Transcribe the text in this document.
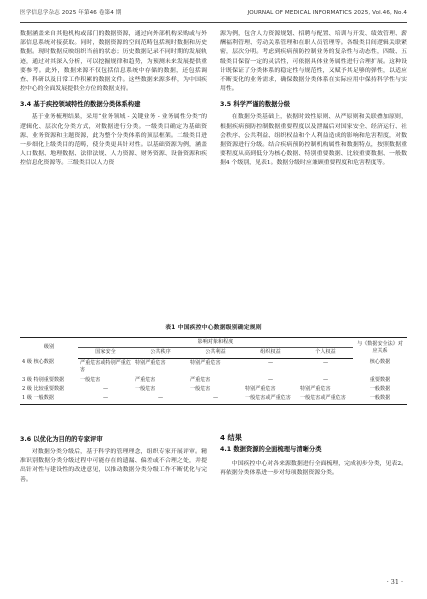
医学信息学杂志 2025 年第46 卷第4 期	JOURNAL OF MEDICAL INFORMATICS 2025, Vol.46, No.4

数据涵盖来自其他机构或部门的数据资源，通过向外部机构采购或与外部信息系统对接获取。同时，数据资源的空间范畴包括现时数据和历史数据。现时数据反映组织当前的状态；历史数据记录不同时期的发展轨迹，通过对其深入分析，可以挖掘规律和趋势，为预测未来发展提供重要参考。此外，数据来源不仅包括信息系统中存储的数据，还包括调查、科研以及日常工作积累的数据文件。这些数据来源多样，为中国疾控中心的全面发展提供全方位的数据支持。

3.4 基于疾控领域特性的数据分类体系构建

基于业务梳理结果，采用“业务领域 - 关键业务 - 业务属性分类”的逻辑化、层次化分类方式，对数据进行分类。一级类目确定为基础资源、业务资源和主题资源，此为整个分类体系的顶层框架。二级类目进一步细化上级类目的范畴，使分类更具针对性。以基础资源为例，涵盖人口数据、地理数据、法律法规、人力资源、财务资源、设备资源和疾控信息化资源等。三级类目以人力资

源为例，包含人力资源规划、招聘与配置、培训与开发、绩效管理、薪酬福利管理、劳动关系管理和在职人员管理等。各级类目间逻辑关联紧密，层次分明。考虑到疾病预防控制业务的复杂性与动态性，四级、五级类目保留一定的灵活性，可依据具体业务属性进行合理扩展。这种设计既保证了分类体系的稳定性与规范性，又赋予其足够的弹性，以适应不断变化的业务需求，确保数据分类体系在实际应用中保持科学性与实用性。

3.5 科学严谨的数据分级

在数据分类基础上，依据时效性原则、从严原则和关联叠加原则，根据疾病预防控制数据重要程度以及泄漏后对国家安全、经济运行、社会秩序、公共利益、组织权益和个人利益造成的影响和危害程度，对数据资源进行分级。结合疾病预防控制机构属性和数据特点，按照数据重要程度从高到低分为核心数据、特别重要数据、比较重要数据、一般数据4 个级别，见表1。数据分级时应兼顾重要程度和危害程度等。

表1 中国疾控中心数据级别确定规则
级别	影响对象和程度					与《数据安全法》对应关系
	国家安全	公共秩序	公共利益	组织权益	个人权益	
4 级 核心数据	严重危害或特别严重危害	特别严重危害	特别严重危害	—	—	核心数据
3 级 特别重要数据	一般危害	严重危害	严重危害	—	—	重要数据
2 级 比较重要数据	—	一般危害	一般危害	特别严重危害	特别严重危害	一般数据
1 级 一般数据	—	—	—	一般危害或严重危害	一般危害或严重危害	一般数据
3.6 以优化为目的的专家评审

对数据分类分级后，基于科学的管理理念，组织专家开展评审。精准识别数据分类分级过程中可能存在的遗漏、偏差或不合理之处，并提出针对性与建设性的改进意见，以推动数据分类分级工作不断优化与完善。

4 结果
4.1 数据资源的全面梳理与清晰分类

中国疾控中心对各来源数据进行全面梳理，完成初步分类，见表2。再依据分类体系进一步对每项数据资源分类。

· 31 ·
